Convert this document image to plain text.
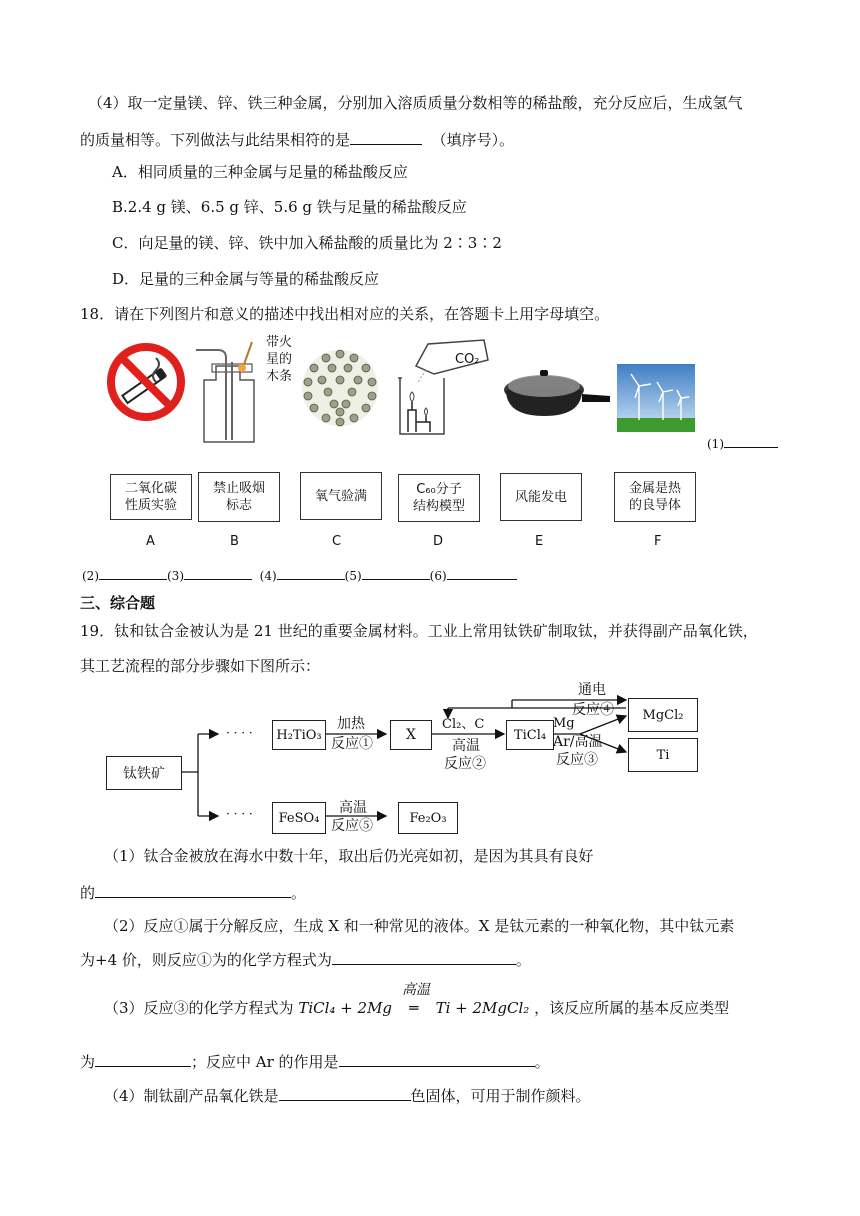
（4）取一定量镁、锌、铁三种金属，分别加入溶质质量分数相等的稀盐酸，充分反应后，生成氢气
的质量相等。下列做法与此结果相符的是	（填序号）。
A．相同质量的三种金属与足量的稀盐酸反应
B.2.4 g 镁、6.5 g 锌、5.6 g 铁与足量的稀盐酸反应
C．向足量的镁、锌、铁中加入稀盐酸的质量比为 2∶3∶2
D．足量的三种金属与等量的稀盐酸反应
18．请在下列图片和意义的描述中找出相对应的关系，在答题卡上用字母填空。
带火
星的
木条
CO₂
(1)
二氧化碳
性质实验
禁止吸烟
标志
氧气验满	C₆₀分子
结构模型
风能发电
金属是热
的良导体
A	B	C	D	E	F
(2)	(3)	(4)	(5)	(6)
三、综合题
19．钛和钛合金被认为是 21 世纪的重要金属材料。工业上常用钛铁矿制取钛，并获得副产品氧化铁，
其工艺流程的部分步骤如下图所示：
钛铁矿
· · · ·
· · · ·
H₂TiO₃
加热
反应①
X
Cl₂、C
高温
反应②
TiCl₄
Mg
Ar/高温
反应③
通电
反应④	MgCl₂
Ti
FeSO₄
高温
反应⑤	Fe₂O₃
（1）钛合金被放在海水中数十年，取出后仍光亮如初，是因为其具有良好
的	。
（2）反应①属于分解反应，生成 X 和一种常见的液体。X 是钛元素的一种氧化物，其中钛元素
为+4 价，则反应①为的化学方程式为	。
高温
（3）反应③的化学方程式为 TiCl₄ + 2Mg ═ Ti + 2MgCl₂ ，该反应所属的基本反应类型
为	；反应中 Ar 的作用是	。
（4）制钛副产品氧化铁是	色固体，可用于制作颜料。
